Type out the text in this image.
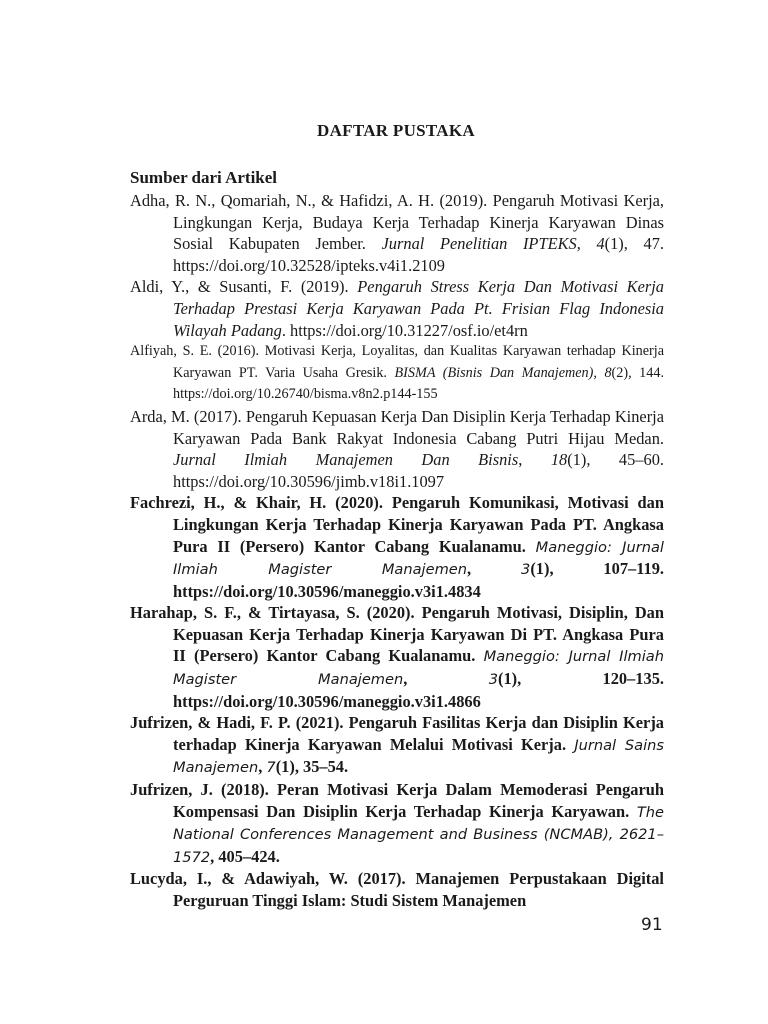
DAFTAR PUSTAKA
Sumber dari Artikel

Adha, R. N., Qomariah, N., & Hafidzi, A. H. (2019). Pengaruh Motivasi Kerja, Lingkungan Kerja, Budaya Kerja Terhadap Kinerja Karyawan Dinas Sosial Kabupaten Jember. Jurnal Penelitian IPTEKS, 4(1), 47. https://doi.org/10.32528/ipteks.v4i1.2109

Aldi, Y., & Susanti, F. (2019). Pengaruh Stress Kerja Dan Motivasi Kerja Terhadap Prestasi Kerja Karyawan Pada Pt. Frisian Flag Indonesia Wilayah Padang. https://doi.org/10.31227/osf.io/et4rn

Alfiyah, S. E. (2016). Motivasi Kerja, Loyalitas, dan Kualitas Karyawan terhadap Kinerja Karyawan PT. Varia Usaha Gresik. BISMA (Bisnis Dan Manajemen), 8(2), 144. https://doi.org/10.26740/bisma.v8n2.p144-155

Arda, M. (2017). Pengaruh Kepuasan Kerja Dan Disiplin Kerja Terhadap Kinerja Karyawan Pada Bank Rakyat Indonesia Cabang Putri Hijau Medan. Jurnal Ilmiah Manajemen Dan Bisnis, 18(1), 45–60. https://doi.org/10.30596/jimb.v18i1.1097

Fachrezi, H., & Khair, H. (2020). Pengaruh Komunikasi, Motivasi dan Lingkungan Kerja Terhadap Kinerja Karyawan Pada PT. Angkasa Pura II (Persero) Kantor Cabang Kualanamu. Maneggio: Jurnal Ilmiah Magister Manajemen, 3(1), 107–119. https://doi.org/10.30596/maneggio.v3i1.4834

Harahap, S. F., & Tirtayasa, S. (2020). Pengaruh Motivasi, Disiplin, Dan Kepuasan Kerja Terhadap Kinerja Karyawan Di PT. Angkasa Pura II (Persero) Kantor Cabang Kualanamu. Maneggio: Jurnal Ilmiah Magister Manajemen, 3(1), 120–135. https://doi.org/10.30596/maneggio.v3i1.4866

Jufrizen, & Hadi, F. P. (2021). Pengaruh Fasilitas Kerja dan Disiplin Kerja terhadap Kinerja Karyawan Melalui Motivasi Kerja. Jurnal Sains Manajemen, 7(1), 35–54.

Jufrizen, J. (2018). Peran Motivasi Kerja Dalam Memoderasi Pengaruh Kompensasi Dan Disiplin Kerja Terhadap Kinerja Karyawan. The National Conferences Management and Business (NCMAB), 2621–1572, 405–424.

Lucyda, I., & Adawiyah, W. (2017). Manajemen Perpustakaan Digital Perguruan Tinggi Islam: Studi Sistem Manajemen

91
